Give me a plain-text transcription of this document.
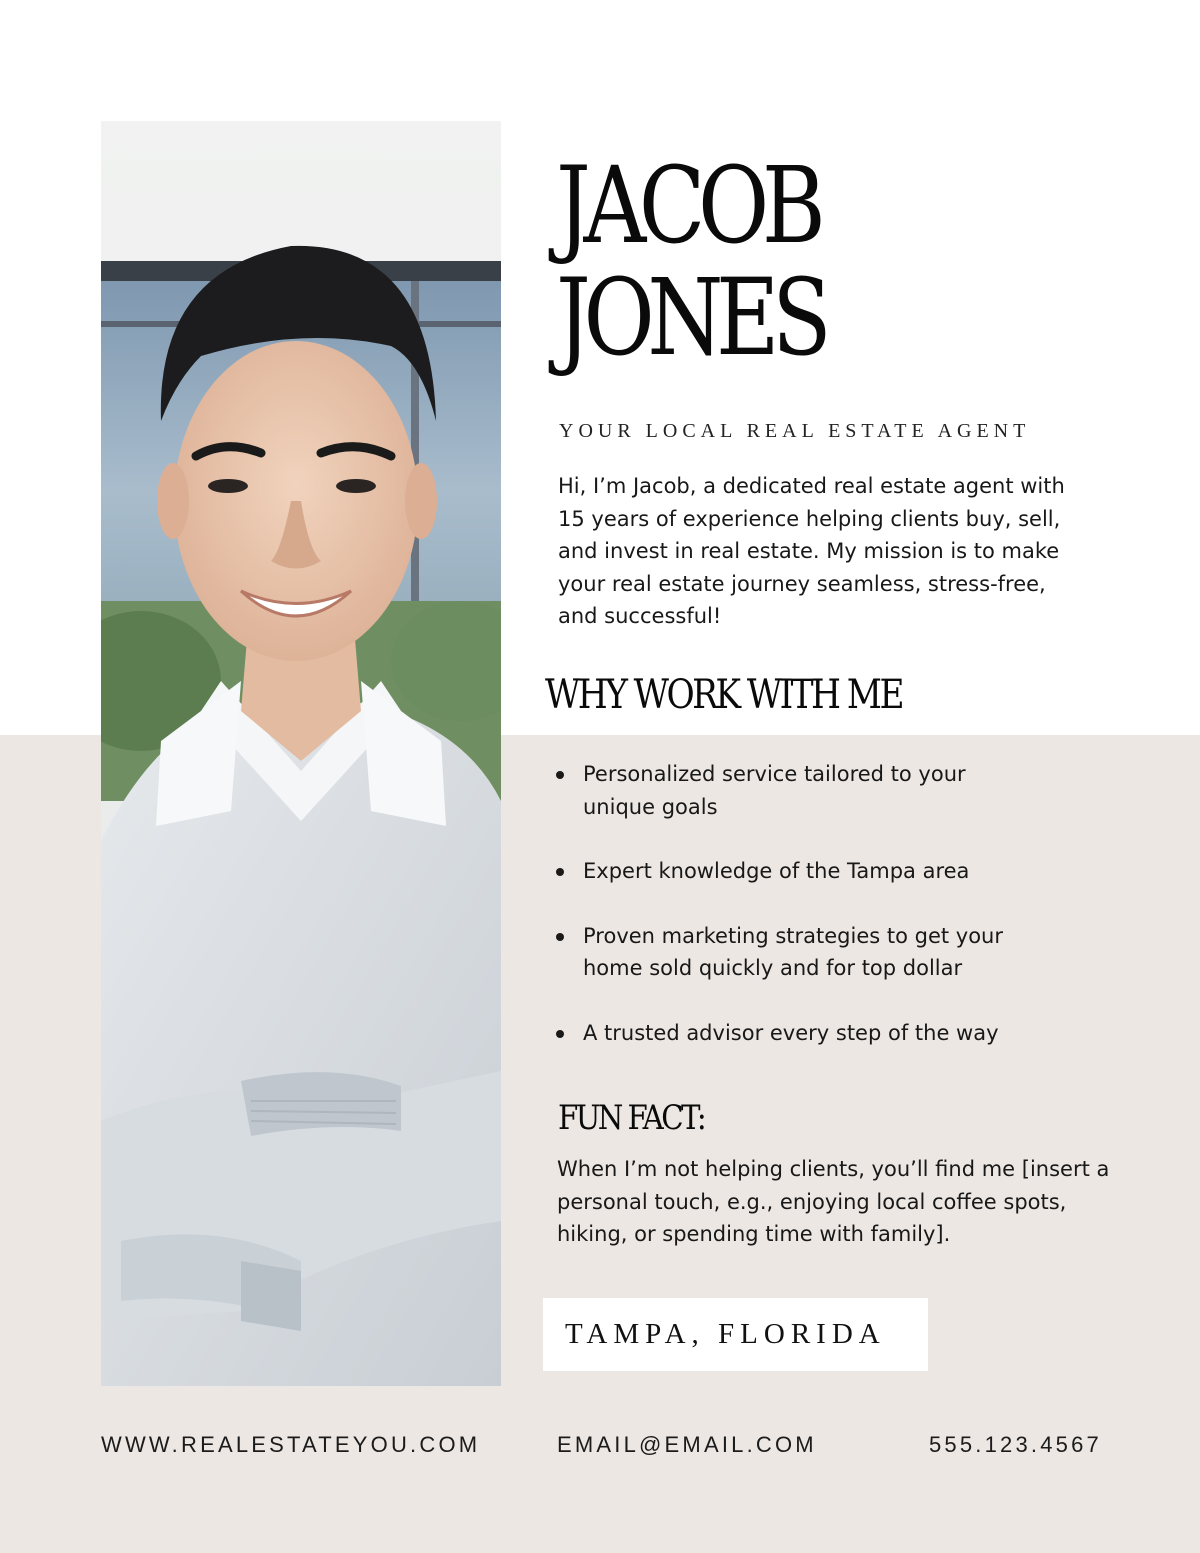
JACOB
JONES
YOUR LOCAL REAL ESTATE AGENT

Hi, I’m Jacob, a dedicated real estate agent with 15 years of experience helping clients buy, sell, and invest in real estate. My mission is to make your real estate journey seamless, stress-free, and successful!

WHY WORK WITH ME
Personalized service tailored to your unique goals
Expert knowledge of the Tampa area
Proven marketing strategies to get your home sold quickly and for top dollar
A trusted advisor every step of the way
FUN FACT:

When I’m not helping clients, you’ll find me [insert a personal touch, e.g., enjoying local coffee spots, hiking, or spending time with family].

TAMPA, FLORIDA
WWW.REALESTATEYOU.COM	EMAIL@EMAIL.COM	555.123.4567
